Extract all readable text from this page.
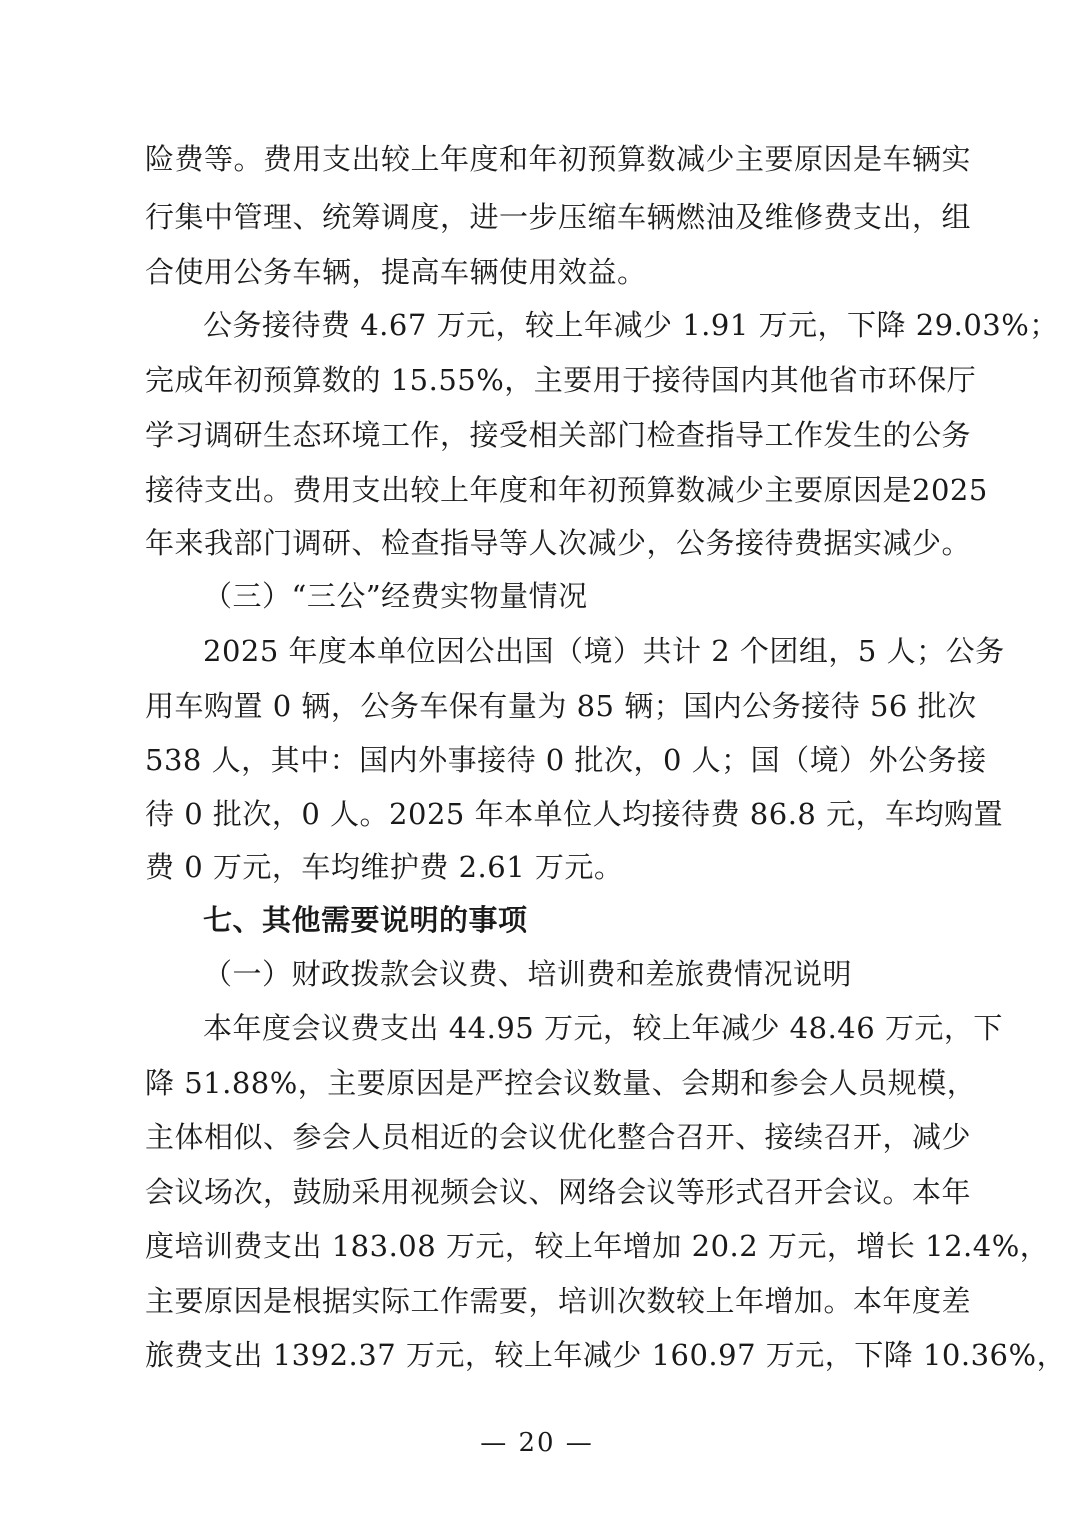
险费等。费用支出较上年度和年初预算数减少主要原因是车辆实
行集中管理、统筹调度，进一步压缩车辆燃油及维修费支出，组
合使用公务车辆，提高车辆使用效益。
公务接待费 4.67 万元，较上年减少 1.91 万元，下降 29.03%；
完成年初预算数的 15.55%，主要用于接待国内其他省市环保厅
学习调研生态环境工作，接受相关部门检查指导工作发生的公务
接待支出。费用支出较上年度和年初预算数减少主要原因是2025
年来我部门调研、检查指导等人次减少，公务接待费据实减少。
（三）“三公”经费实物量情况
2025 年度本单位因公出国（境）共计 2 个团组，5 人；公务
用车购置 0 辆，公务车保有量为 85 辆；国内公务接待 56 批次
538 人，其中：国内外事接待 0 批次，0 人；国（境）外公务接
待 0 批次，0 人。2025 年本单位人均接待费 86.8 元，车均购置
费 0 万元，车均维护费 2.61 万元。
七、其他需要说明的事项
（一）财政拨款会议费、培训费和差旅费情况说明
本年度会议费支出 44.95 万元，较上年减少 48.46 万元，下
降 51.88%，主要原因是严控会议数量、会期和参会人员规模，
主体相似、参会人员相近的会议优化整合召开、接续召开，减少
会议场次，鼓励采用视频会议、网络会议等形式召开会议。本年
度培训费支出 183.08 万元，较上年增加 20.2 万元，增长 12.4%，
主要原因是根据实际工作需要，培训次数较上年增加。本年度差
旅费支出 1392.37 万元，较上年减少 160.97 万元，下降 10.36%，
— 20 —
